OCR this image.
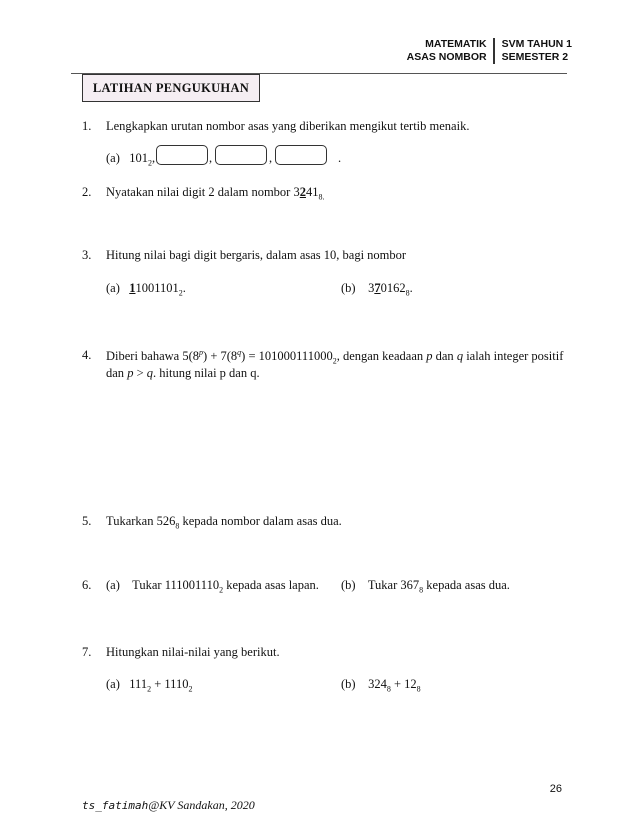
MATEMATIK
ASAS NOMBOR
SVM TAHUN 1
SEMESTER 2
LATIHAN PENGUKUHAN
1. Lengkapkan urutan nombor asas yang diberikan mengikut tertib menaik.
(a) $101_2$,	,	,	.
2. Nyatakan nilai digit 2 dalam nombor $3241_{8.}$
3. Hitung nilai bagi digit bergaris, dalam asas 10, bagi nombor
(a) $11001101_2$.	(b) $370162_8$.
4. Diberi bahawa $5(8^p) + 7(8^q) = 101000111000_2$, dengan keadaan p dan q ialah integer positif
dan p > q. hitung nilai p dan q.
5. Tukarkan $526_8$ kepada nombor dalam asas dua.
6. (a) Tukar $111001110_2$ kepada asas lapan. (b) Tukar $367_8$ kepada asas dua.
7. Hitungkan nilai-nilai yang berikut.
(a) $111_2 + 1110_2$	(b) $324_8 + 12_8$
26
ts_fatimah@KV Sandakan, 2020
